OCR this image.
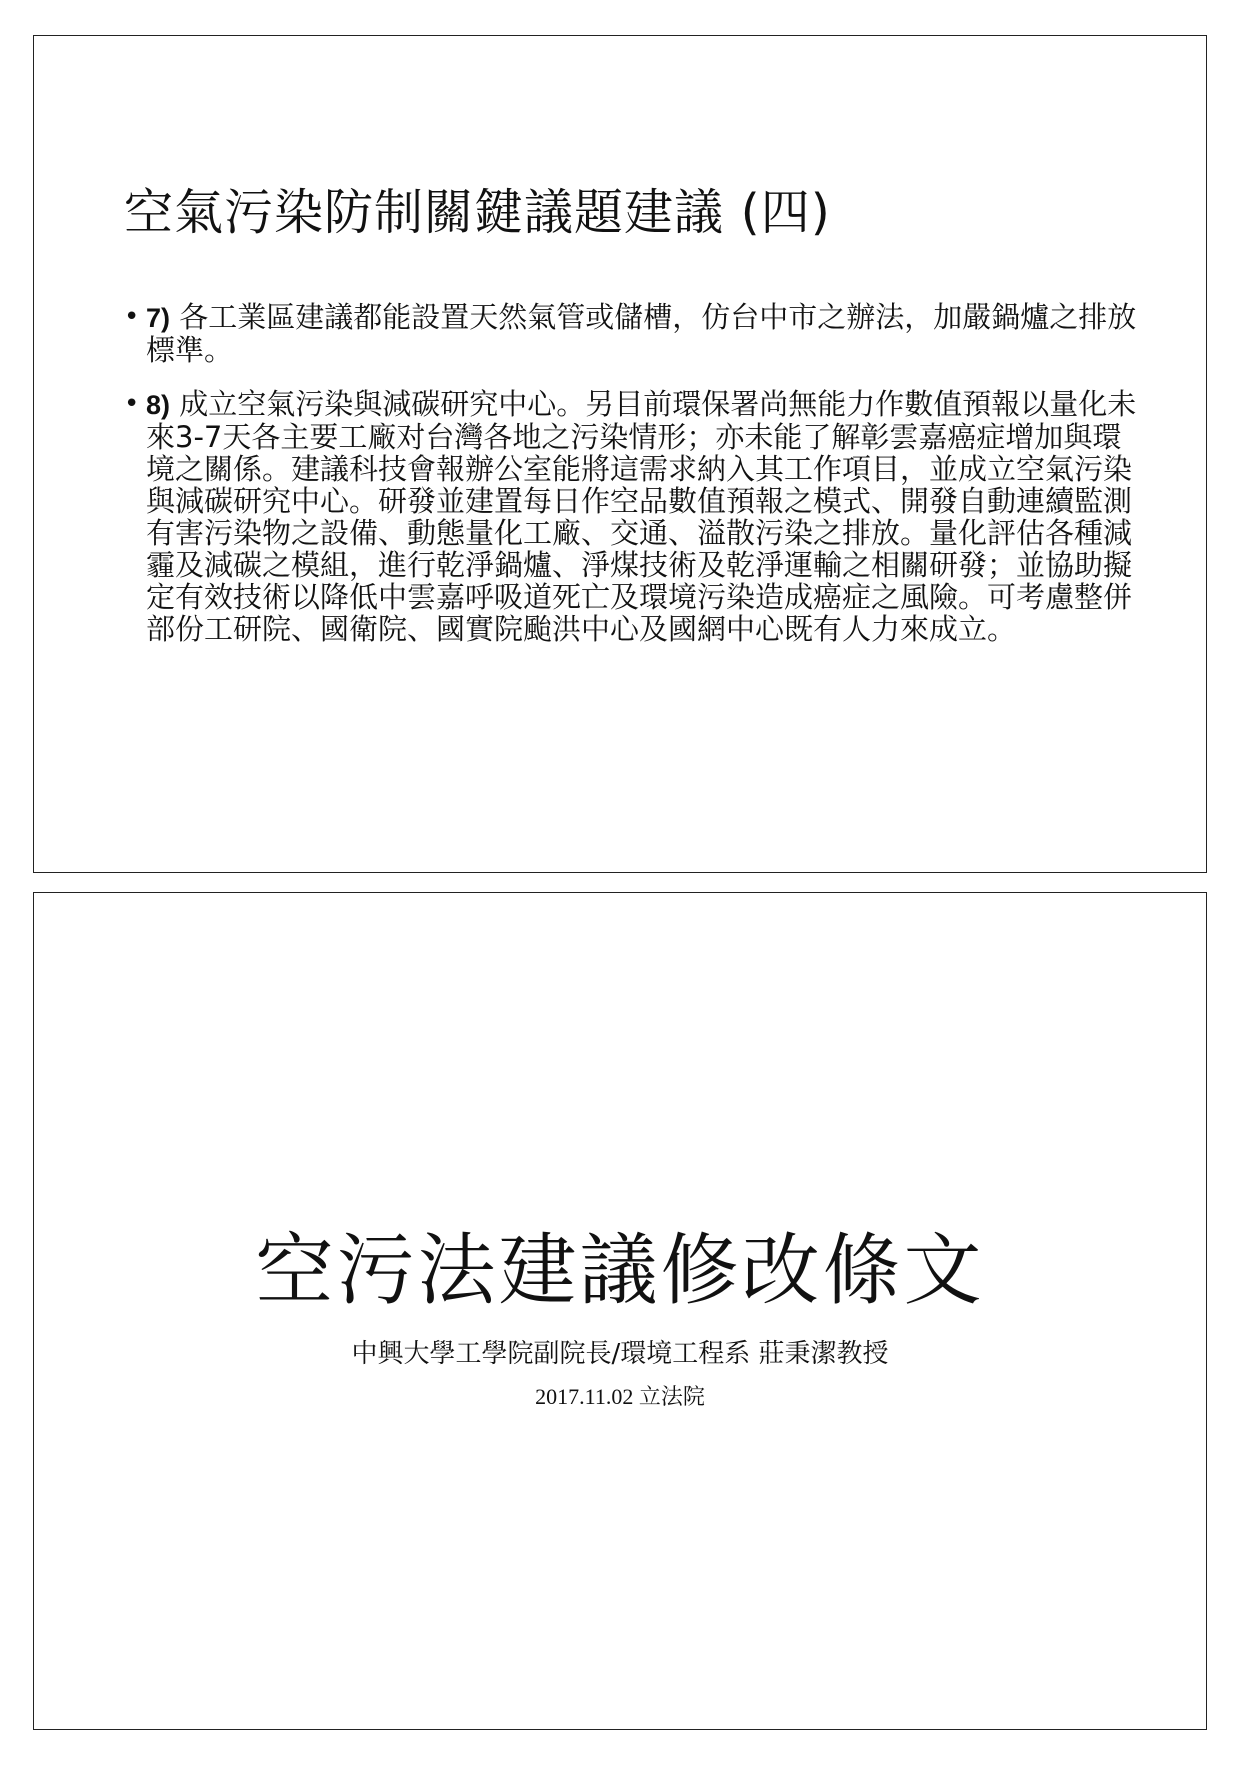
空氣污染防制關鍵議題建議 (四)
• 7) 各工業區建議都能設置天然氣管或儲槽，仿台中市之辦法，加嚴鍋爐之排放標準。
• 8) 成立空氣污染與減碳研究中心。另目前環保署尚無能力作數值預報以量化未來3-7天各主要工廠对台灣各地之污染情形；亦未能了解彰雲嘉癌症增加與環境之關係。建議科技會報辦公室能將這需求納入其工作項目，並成立空氣污染與減碳研究中心。研發並建置每日作空品數值預報之模式、開發自動連續監測有害污染物之設備、動態量化工廠、交通、溢散污染之排放。量化評估各種減霾及減碳之模組，進行乾淨鍋爐、淨煤技術及乾淨運輸之相關研發；並協助擬定有效技術以降低中雲嘉呼吸道死亡及環境污染造成癌症之風險。可考慮整併部份工研院、國衛院、國實院颱洪中心及國網中心既有人力來成立。
空污法建議修改條文

中興大學工學院副院長/環境工程系 莊秉潔教授

2017.11.02 立法院
